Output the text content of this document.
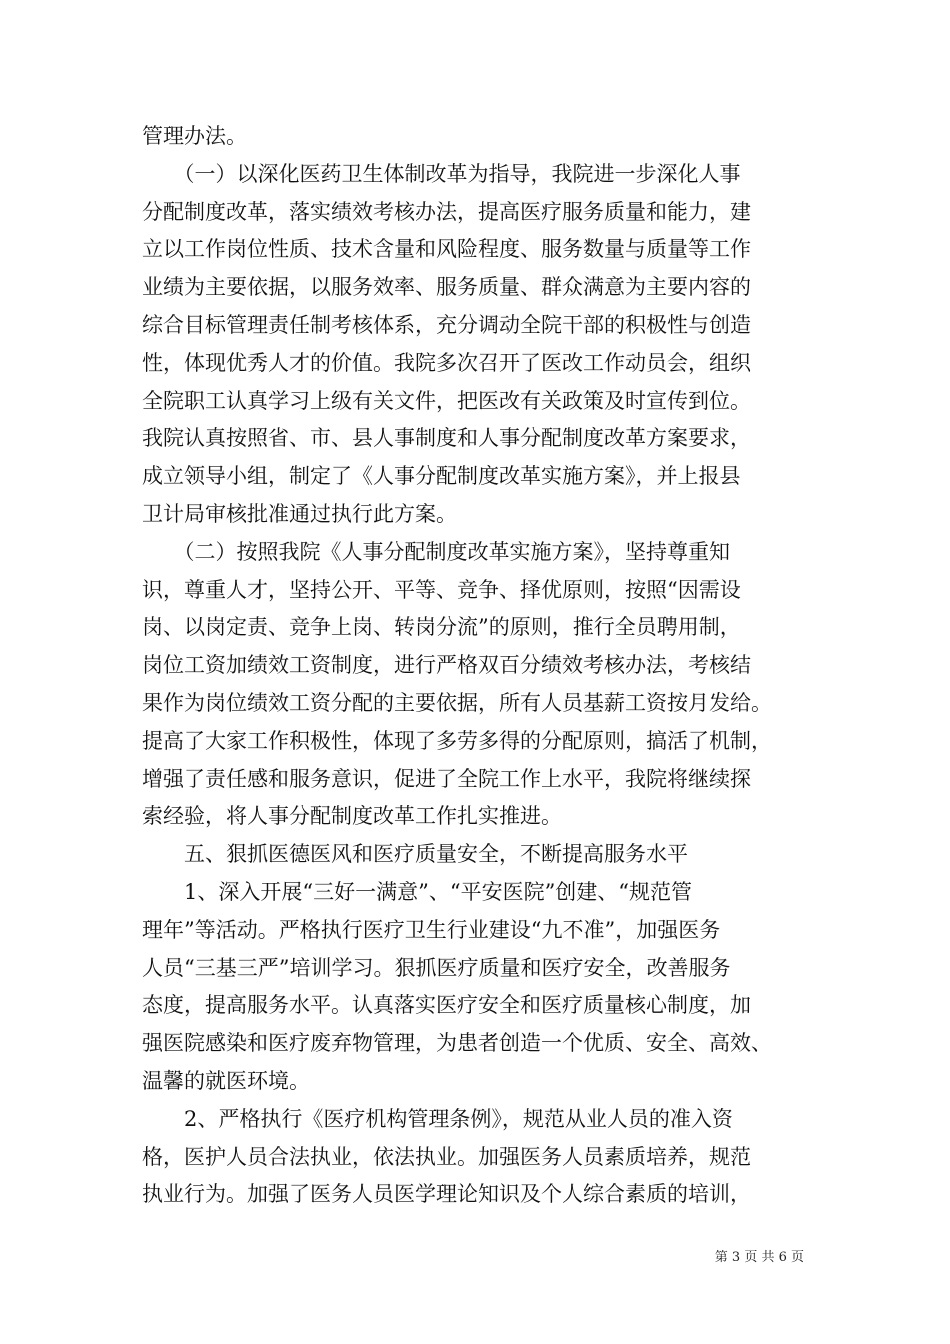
管理办法。
　　（一）以深化医药卫生体制改革为指导，我院进一步深化人事
分配制度改革，落实绩效考核办法，提高医疗服务质量和能力，建
立以工作岗位性质、技术含量和风险程度、服务数量与质量等工作
业绩为主要依据，以服务效率、服务质量、群众满意为主要内容的
综合目标管理责任制考核体系，充分调动全院干部的积极性与创造
性，体现优秀人才的价值。我院多次召开了医改工作动员会，组织
全院职工认真学习上级有关文件，把医改有关政策及时宣传到位。
我院认真按照省、市、县人事制度和人事分配制度改革方案要求，
成立领导小组，制定了《人事分配制度改革实施方案》，并上报县
卫计局审核批准通过执行此方案。
　　（二）按照我院《人事分配制度改革实施方案》，坚持尊重知
识，尊重人才，坚持公开、平等、竞争、择优原则，按照“因需设
岗、以岗定责、竞争上岗、转岗分流”的原则，推行全员聘用制，
岗位工资加绩效工资制度，进行严格双百分绩效考核办法，考核结
果作为岗位绩效工资分配的主要依据，所有人员基薪工资按月发给。
提高了大家工作积极性，体现了多劳多得的分配原则，搞活了机制，
增强了责任感和服务意识，促进了全院工作上水平，我院将继续探
索经验，将人事分配制度改革工作扎实推进。
　　五、狠抓医德医风和医疗质量安全，不断提高服务水平
　　1、深入开展“三好一满意”、“平安医院”创建、“规范管
理年”等活动。严格执行医疗卫生行业建设“九不准”，加强医务
人员“三基三严”培训学习。狠抓医疗质量和医疗安全，改善服务
态度，提高服务水平。认真落实医疗安全和医疗质量核心制度，加
强医院感染和医疗废弃物管理，为患者创造一个优质、安全、高效、
温馨的就医环境。
　　2、严格执行《医疗机构管理条例》，规范从业人员的准入资
格，医护人员合法执业，依法执业。加强医务人员素质培养，规范
执业行为。加强了医务人员医学理论知识及个人综合素质的培训，
第 3 页 共 6 页
